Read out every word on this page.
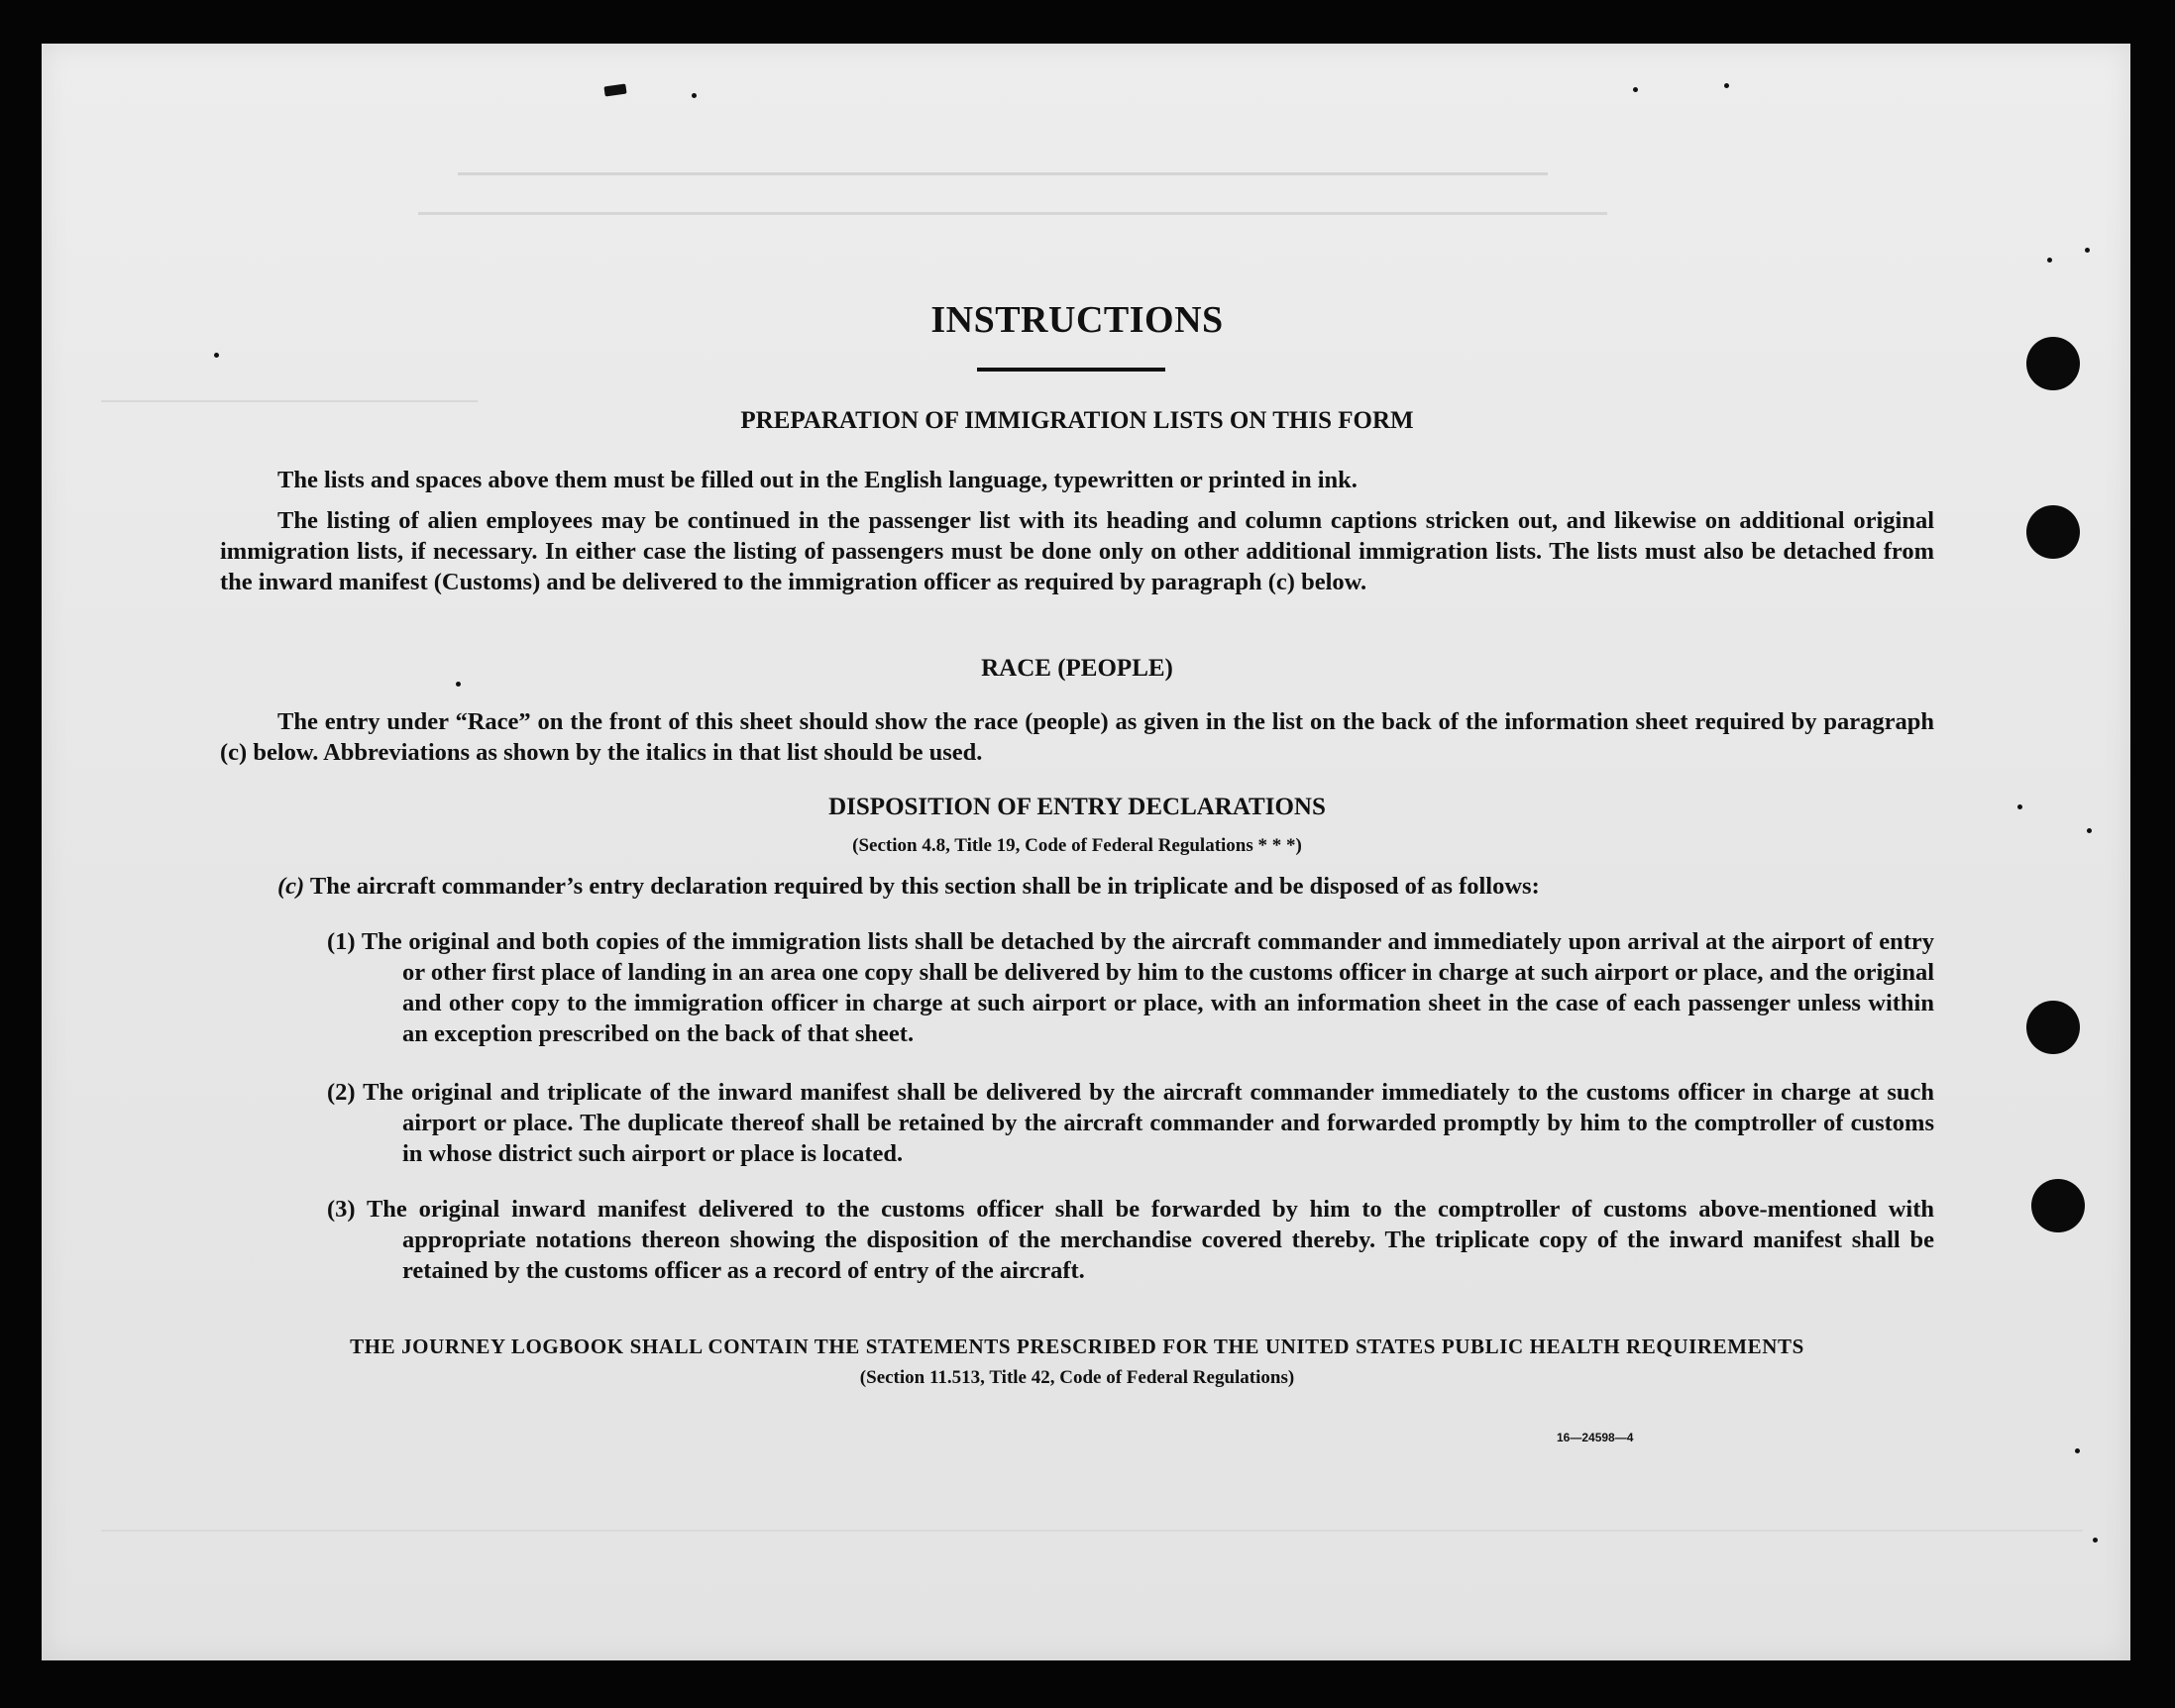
INSTRUCTIONS
PREPARATION OF IMMIGRATION LISTS ON THIS FORM

The lists and spaces above them must be filled out in the English language, typewritten or printed in ink.

The listing of alien employees may be continued in the passenger list with its heading and column captions stricken out, and likewise on additional original immigration lists, if necessary. In either case the listing of passengers must be done only on other additional immigration lists. The lists must also be detached from the inward manifest (Customs) and be delivered to the immigration officer as required by paragraph (c) below.

RACE (PEOPLE)

The entry under “Race” on the front of this sheet should show the race (people) as given in the list on the back of the information sheet required by paragraph (c) below. Abbreviations as shown by the italics in that list should be used.

DISPOSITION OF ENTRY DECLARATIONS
(Section 4.8, Title 19, Code of Federal Regulations * * *)

(c) The aircraft commander’s entry declaration required by this section shall be in triplicate and be disposed of as follows:

(1) The original and both copies of the immigration lists shall be detached by the aircraft commander and immediately upon arrival at the airport of entry or other first place of landing in an area one copy shall be delivered by him to the customs officer in charge at such airport or place, and the original and other copy to the immigration officer in charge at such airport or place, with an information sheet in the case of each passenger unless within an exception prescribed on the back of that sheet.
(2) The original and triplicate of the inward manifest shall be delivered by the aircraft commander immediately to the customs officer in charge at such airport or place. The duplicate thereof shall be retained by the aircraft commander and forwarded promptly by him to the comptroller of customs in whose district such airport or place is located.
(3) The original inward manifest delivered to the customs officer shall be forwarded by him to the comptroller of customs above-mentioned with appropriate notations thereon showing the disposition of the merchandise covered thereby. The triplicate copy of the inward manifest shall be retained by the customs officer as a record of entry of the aircraft.
THE JOURNEY LOGBOOK SHALL CONTAIN THE STATEMENTS PRESCRIBED FOR THE UNITED STATES PUBLIC HEALTH REQUIREMENTS
(Section 11.513, Title 42, Code of Federal Regulations)
16—24598—4
